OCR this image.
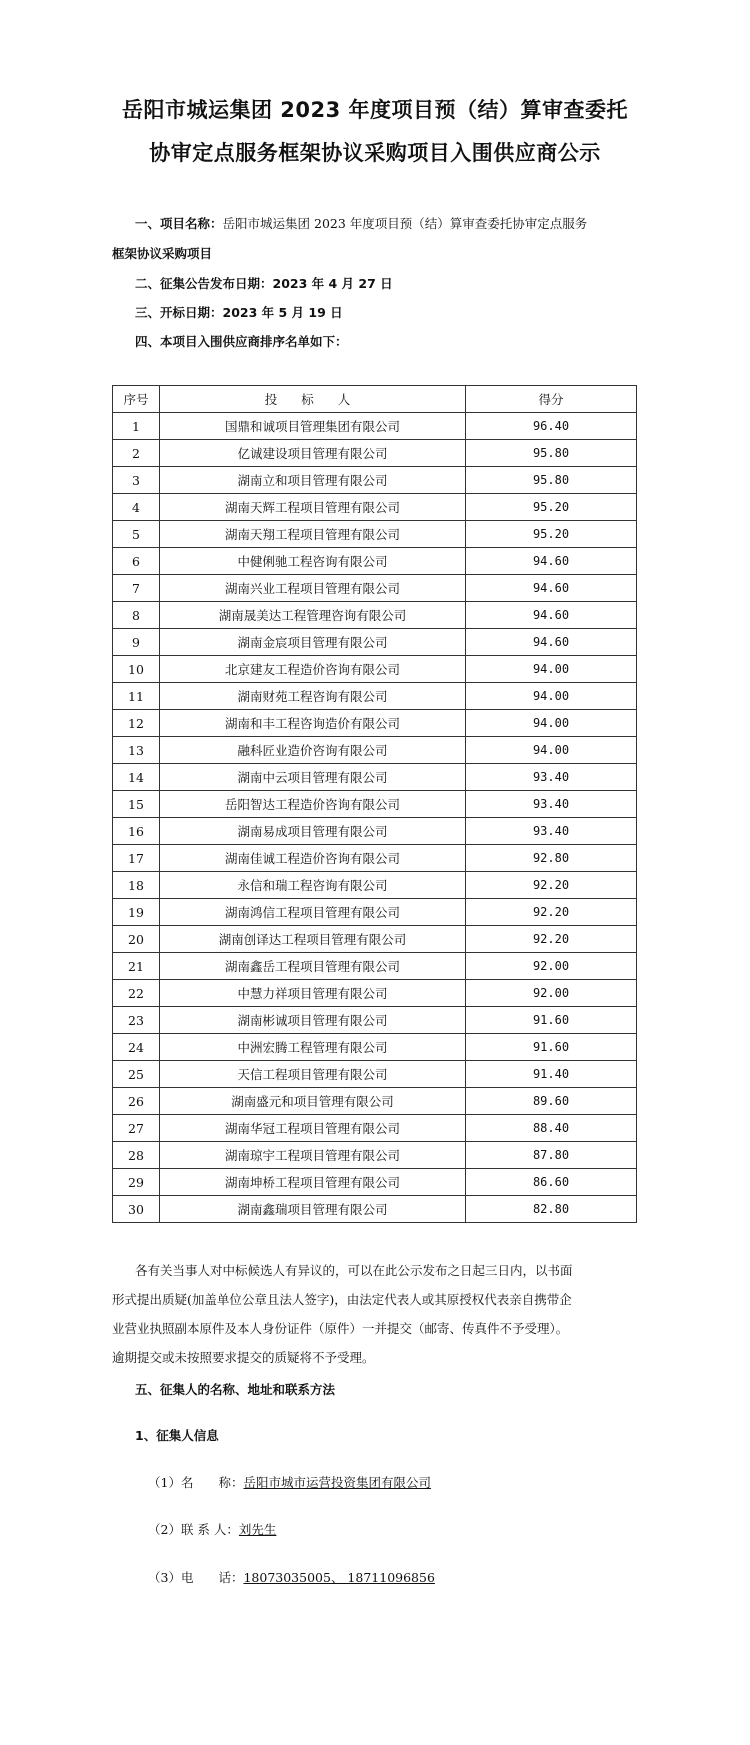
岳阳市城运集团 2023 年度项目预（结）算审查委托
协审定点服务框架协议采购项目入围供应商公示
一、项目名称：岳阳市城运集团 2023 年度项目预（结）算审查委托协审定点服务
框架协议采购项目
二、征集公告发布日期：2023 年 4 月 27 日
三、开标日期：2023 年 5 月 19 日
四、本项目入围供应商排序名单如下：
序号	投 标 人	得分
1	国鼎和诚项目管理集团有限公司	96.40
2	亿诚建设项目管理有限公司	95.80
3	湖南立和项目管理有限公司	95.80
4	湖南天辉工程项目管理有限公司	95.20
5	湖南天翔工程项目管理有限公司	95.20
6	中健俐驰工程咨询有限公司	94.60
7	湖南兴业工程项目管理有限公司	94.60
8	湖南晟美达工程管理咨询有限公司	94.60
9	湖南金宸项目管理有限公司	94.60
10	北京建友工程造价咨询有限公司	94.00
11	湖南财苑工程咨询有限公司	94.00
12	湖南和丰工程咨询造价有限公司	94.00
13	融科匠业造价咨询有限公司	94.00
14	湖南中云项目管理有限公司	93.40
15	岳阳智达工程造价咨询有限公司	93.40
16	湖南易成项目管理有限公司	93.40
17	湖南佳诚工程造价咨询有限公司	92.80
18	永信和瑞工程咨询有限公司	92.20
19	湖南鸿信工程项目管理有限公司	92.20
20	湖南创译达工程项目管理有限公司	92.20
21	湖南鑫岳工程项目管理有限公司	92.00
22	中慧力祥项目管理有限公司	92.00
23	湖南彬诚项目管理有限公司	91.60
24	中洲宏腾工程管理有限公司	91.60
25	天信工程项目管理有限公司	91.40
26	湖南盛元和项目管理有限公司	89.60
27	湖南华冠工程项目管理有限公司	88.40
28	湖南琼宇工程项目管理有限公司	87.80
29	湖南坤桥工程项目管理有限公司	86.60
30	湖南鑫瑞项目管理有限公司	82.80
各有关当事人对中标候选人有异议的，可以在此公示发布之日起三日内，以书面
形式提出质疑(加盖单位公章且法人签字)，由法定代表人或其原授权代表亲自携带企
业营业执照副本原件及本人身份证件（原件）一并提交（邮寄、传真件不予受理）。
逾期提交或未按照要求提交的质疑将不予受理。
五、征集人的名称、地址和联系方法
1、征集人信息
（1）名　　称：岳阳市城市运营投资集团有限公司
（2）联 系 人：刘先生
（3）电　　话：18073035005、 18711096856
